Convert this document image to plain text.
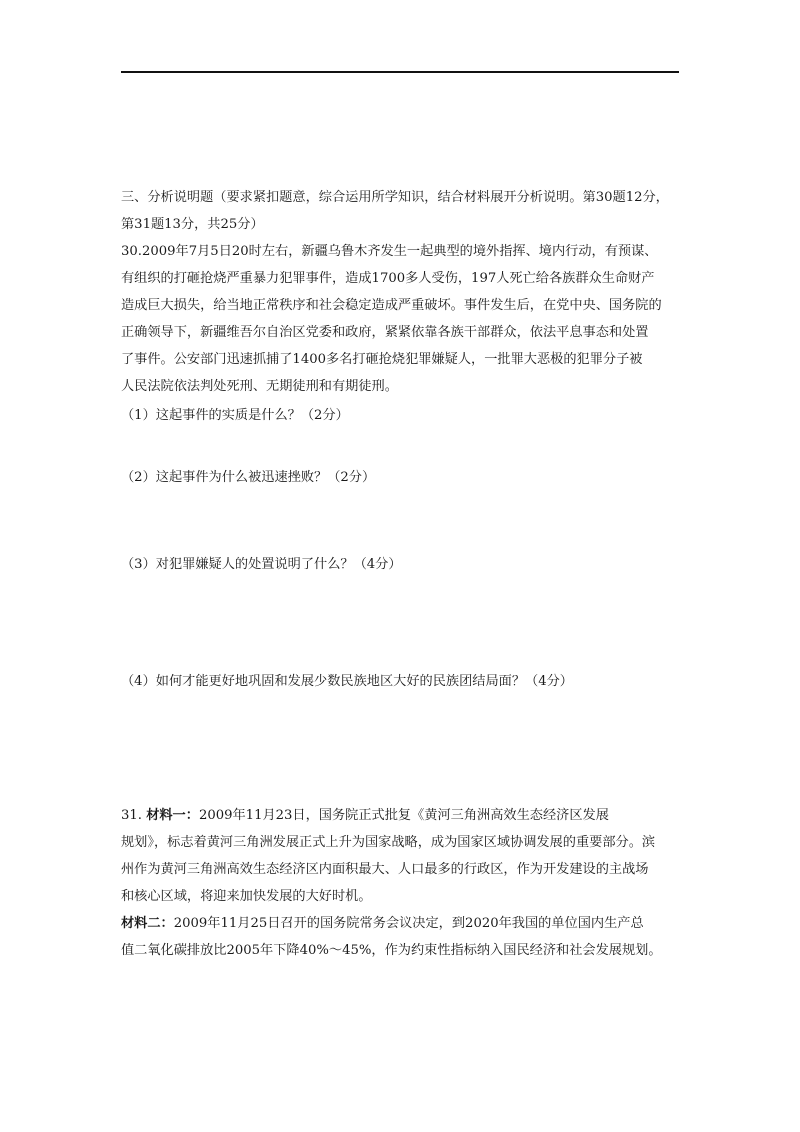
三、分析说明题（要求紧扣题意，综合运用所学知识，结合材料展开分析说明。第30题12分，
第31题13分，共25分）
30.2009年7月5日20时左右，新疆乌鲁木齐发生一起典型的境外指挥、境内行动，有预谋、
有组织的打砸抢烧严重暴力犯罪事件，造成1700多人受伤，197人死亡给各族群众生命财产
造成巨大损失，给当地正常秩序和社会稳定造成严重破坏。事件发生后，在党中央、国务院的
正确领导下，新疆维吾尔自治区党委和政府，紧紧依靠各族干部群众，依法平息事态和处置
了事件。公安部门迅速抓捕了1400多名打砸抢烧犯罪嫌疑人，一批罪大恶极的犯罪分子被
人民法院依法判处死刑、无期徒刑和有期徒刑。
（1）这起事件的实质是什么？（2分）
（2）这起事件为什么被迅速挫败？（2分）
（3）对犯罪嫌疑人的处置说明了什么？（4分）
（4）如何才能更好地巩固和发展少数民族地区大好的民族团结局面？（4分）
31. 材料一：2009年11月23日，国务院正式批复《黄河三角洲高效生态经济区发展
规划》，标志着黄河三角洲发展正式上升为国家战略，成为国家区域协调发展的重要部分。滨
州作为黄河三角洲高效生态经济区内面积最大、人口最多的行政区，作为开发建设的主战场
和核心区域，将迎来加快发展的大好时机。
材料二：2009年11月25日召开的国务院常务会议决定，到2020年我国的单位国内生产总
值二氧化碳排放比2005年下降40%～45%，作为约束性指标纳入国民经济和社会发展规划。
